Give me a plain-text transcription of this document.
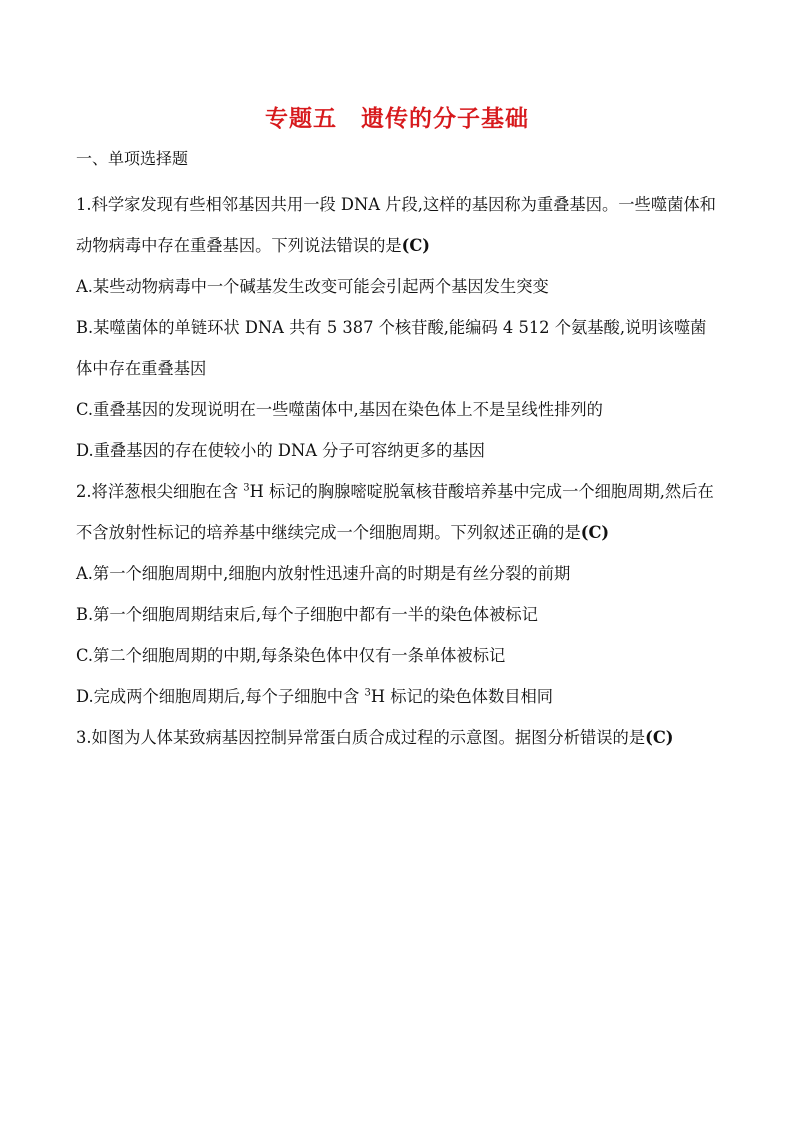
专题五　遗传的分子基础
一、单项选择题
1.科学家发现有些相邻基因共用一段 DNA 片段,这样的基因称为重叠基因。一些噬菌体和动物病毒中存在重叠基因。下列说法错误的是(C)
A.某些动物病毒中一个碱基发生改变可能会引起两个基因发生突变
B.某噬菌体的单链环状 DNA 共有 5 387 个核苷酸,能编码 4 512 个氨基酸,说明该噬菌体中存在重叠基因
C.重叠基因的发现说明在一些噬菌体中,基因在染色体上不是呈线性排列的
D.重叠基因的存在使较小的 DNA 分子可容纳更多的基因
2.将洋葱根尖细胞在含 $^3$H 标记的胸腺嘧啶脱氧核苷酸培养基中完成一个细胞周期,然后在不含放射性标记的培养基中继续完成一个细胞周期。下列叙述正确的是(C)
A.第一个细胞周期中,细胞内放射性迅速升高的时期是有丝分裂的前期
B.第一个细胞周期结束后,每个子细胞中都有一半的染色体被标记
C.第二个细胞周期的中期,每条染色体中仅有一条单体被标记
D.完成两个细胞周期后,每个子细胞中含 $^3$H 标记的染色体数目相同
3.如图为人体某致病基因控制异常蛋白质合成过程的示意图。据图分析错误的是(C)
